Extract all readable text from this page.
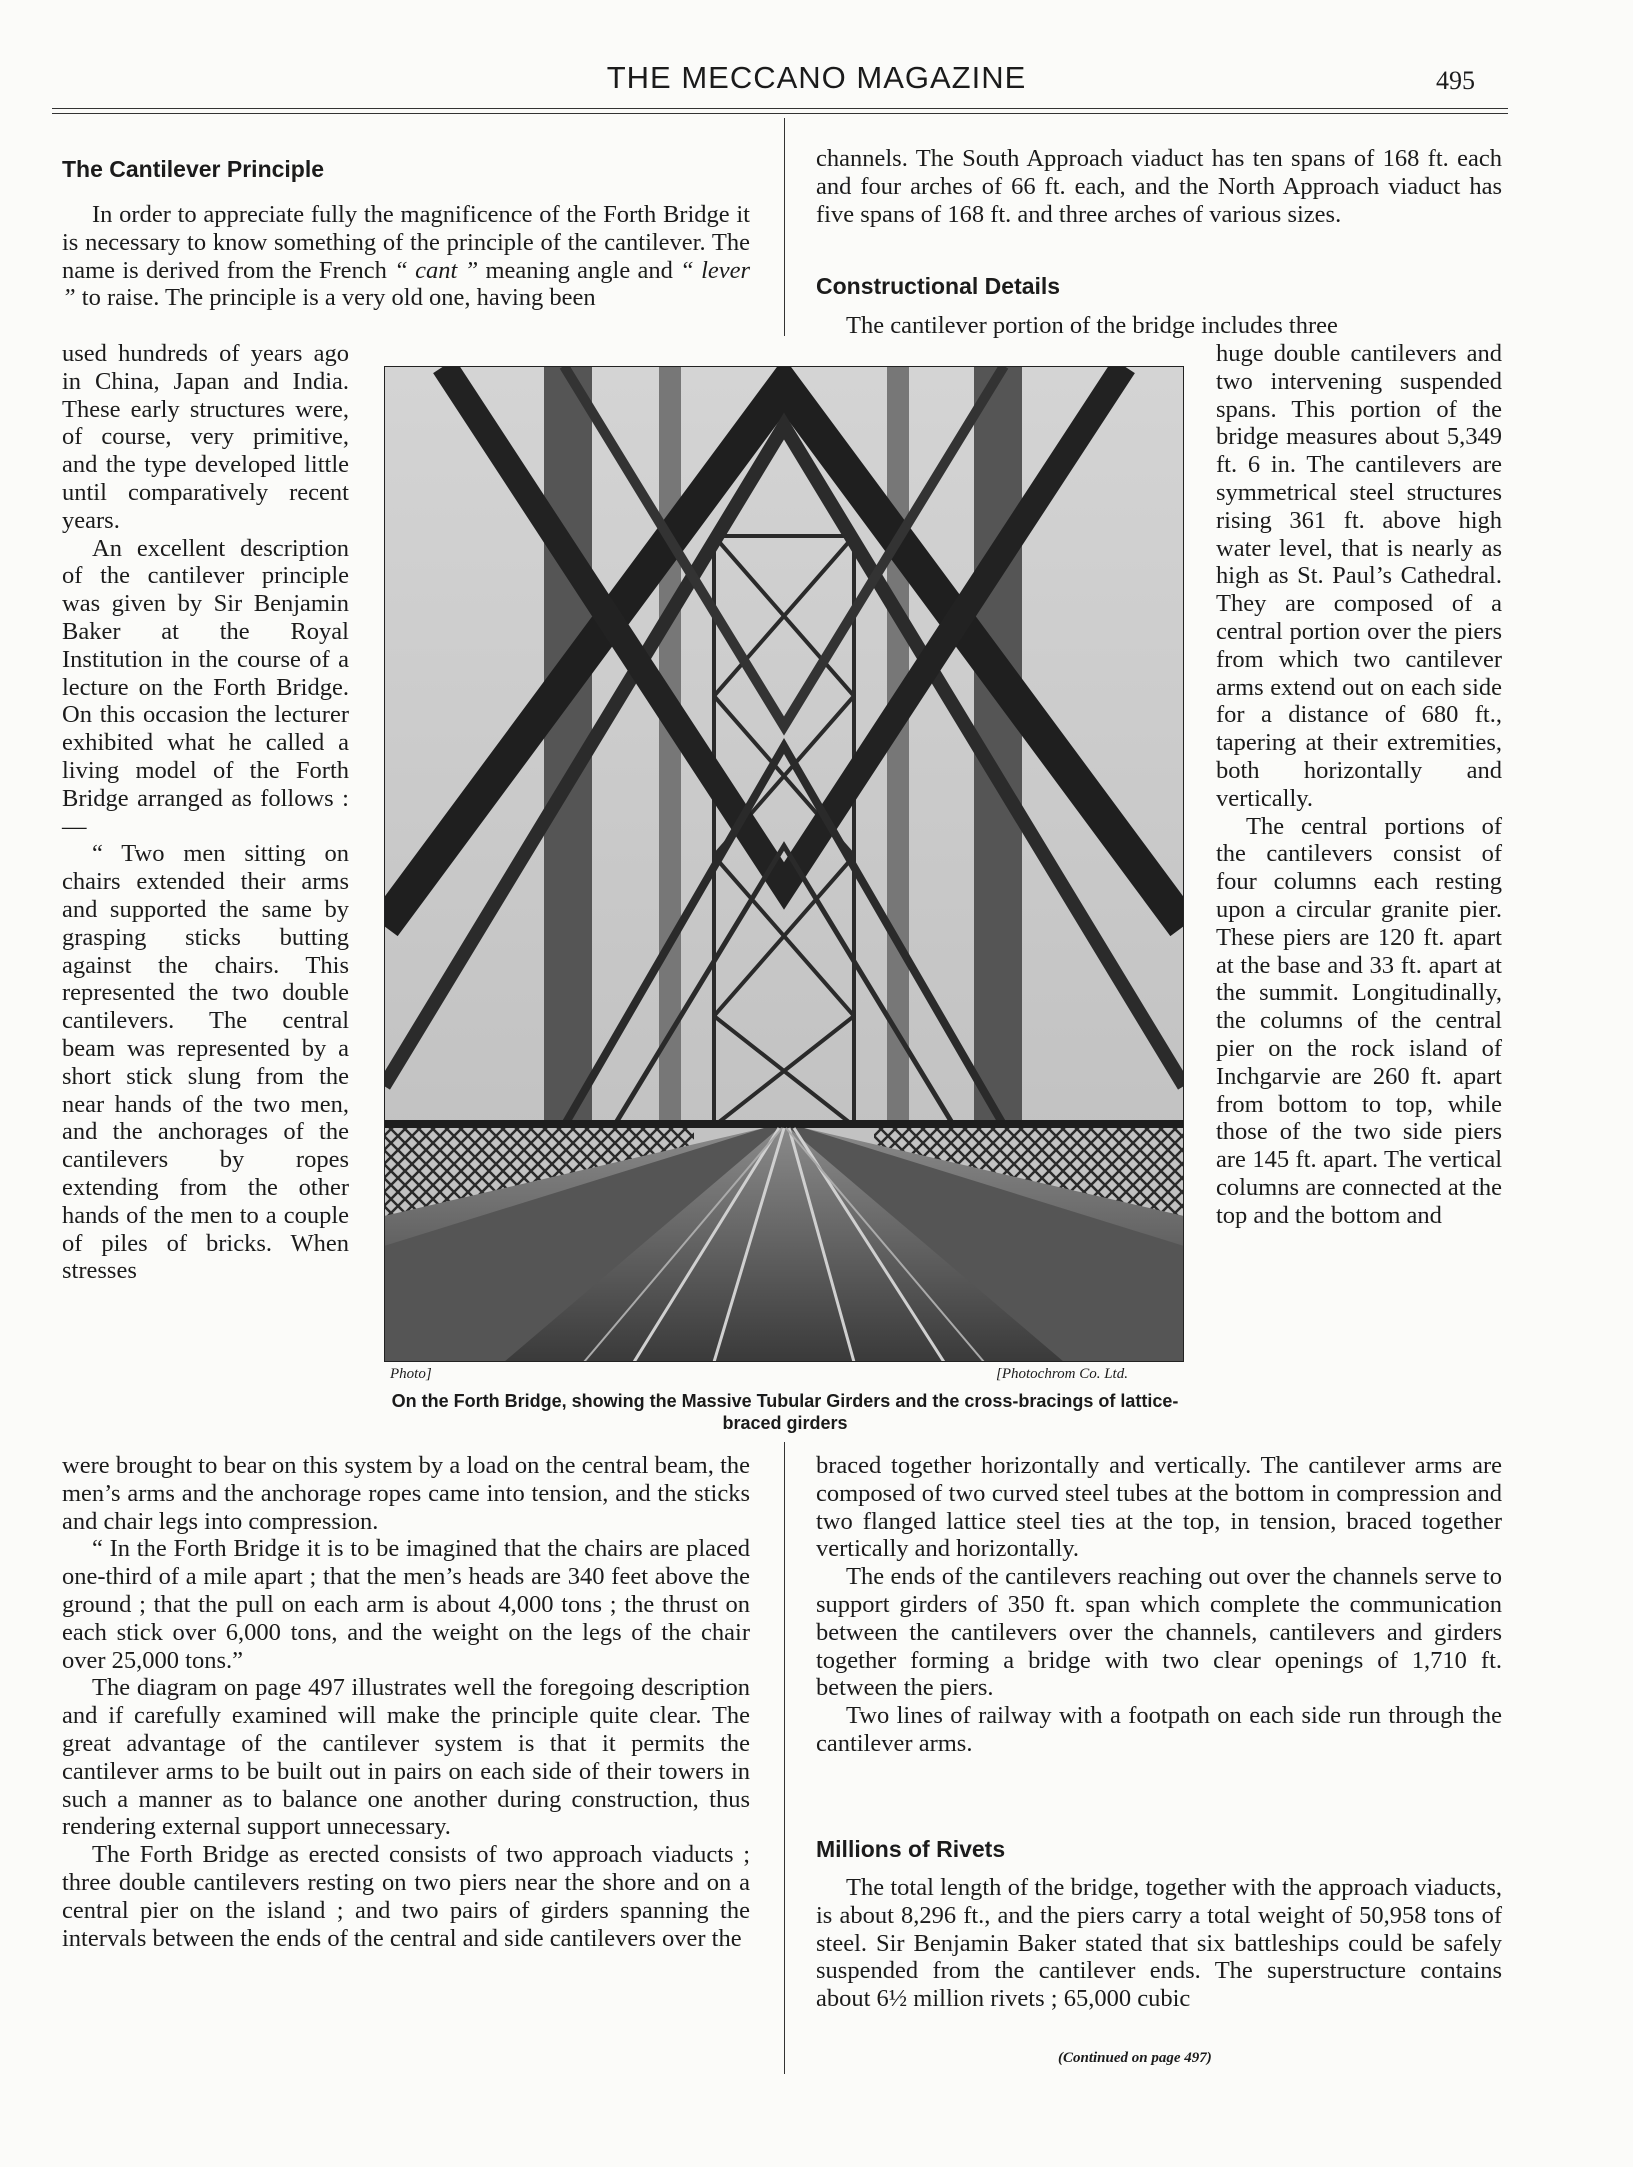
THE MECCANO MAGAZINE	495
The Cantilever Principle

In order to appreciate fully the magnificence of the Forth Bridge it is necessary to know something of the principle of the cantilever. The name is derived from the French “ cant ” meaning angle and “ lever ” to raise. The principle is a very old one, having been

used hundreds of years ago in China, Japan and India. These early structures were, of course, very primitive, and the type developed little until comparatively recent years.

An excellent description of the cantilever principle was given by Sir Benjamin Baker at the Royal Institution in the course of a lecture on the Forth Bridge. On this occasion the lecturer exhibited what he called a living model of the Forth Bridge arranged as follows :—

“ Two men sitting on chairs extended their arms and supported the same by grasping sticks butting against the chairs. This represented the two double cantilevers. The central beam was represented by a short stick slung from the near hands of the two men, and the anchorages of the cantilevers by ropes extending from the other hands of the men to a couple of piles of bricks. When stresses

were brought to bear on this system by a load on the central beam, the men’s arms and the anchorage ropes came into tension, and the sticks and chair legs into compression.

“ In the Forth Bridge it is to be imagined that the chairs are placed one-third of a mile apart ; that the men’s heads are 340 feet above the ground ; that the pull on each arm is about 4,000 tons ; the thrust on each stick over 6,000 tons, and the weight on the legs of the chair over 25,000 tons.”

The diagram on page 497 illustrates well the foregoing description and if carefully examined will make the principle quite clear. The great advantage of the cantilever system is that it permits the cantilever arms to be built out in pairs on each side of their towers in such a manner as to balance one another during construction, thus rendering external support unnecessary.

The Forth Bridge as erected consists of two approach viaducts ; three double cantilevers resting on two piers near the shore and on a central pier on the island ; and two pairs of girders spanning the intervals between the ends of the central and side cantilevers over the

channels. The South Approach viaduct has ten spans of 168 ft. each and four arches of 66 ft. each, and the North Approach viaduct has five spans of 168 ft. and three arches of various sizes.

Constructional Details

The cantilever portion of the bridge includes three

huge double cantilevers and two intervening suspended spans. This portion of the bridge measures about 5,349 ft. 6 in. The cantilevers are symmetrical steel structures rising 361 ft. above high water level, that is nearly as high as St. Paul’s Cathedral. They are composed of a central portion over the piers from which two cantilever arms extend out on each side for a distance of 680 ft., tapering at their extremities, both horizontally and vertically.

The central portions of the cantilevers consist of four columns each resting upon a circular granite pier. These piers are 120 ft. apart at the base and 33 ft. apart at the summit. Longitudinally, the columns of the central pier on the rock island of Inchgarvie are 260 ft. apart from bottom to top, while those of the two side piers are 145 ft. apart. The vertical columns are connected at the top and the bottom and

braced together horizontally and vertically. The cantilever arms are composed of two curved steel tubes at the bottom in compression and two flanged lattice steel ties at the top, in tension, braced together vertically and horizontally.

The ends of the cantilevers reaching out over the channels serve to support girders of 350 ft. span which complete the communication between the cantilevers over the channels, cantilevers and girders together forming a bridge with two clear openings of 1,710 ft. between the piers.

Two lines of railway with a footpath on each side run through the cantilever arms.

Millions of Rivets

The total length of the bridge, together with the approach viaducts, is about 8,296 ft., and the piers carry a total weight of 50,958 tons of steel. Sir Benjamin Baker stated that six battleships could be safely suspended from the cantilever ends. The superstructure contains about 6½ million rivets ; 65,000 cubic

(Continued on page 497)
Photo]	[Photochrom Co. Ltd.
On the Forth Bridge, showing the Massive Tubular Girders and the cross-bracings of lattice-braced girders
